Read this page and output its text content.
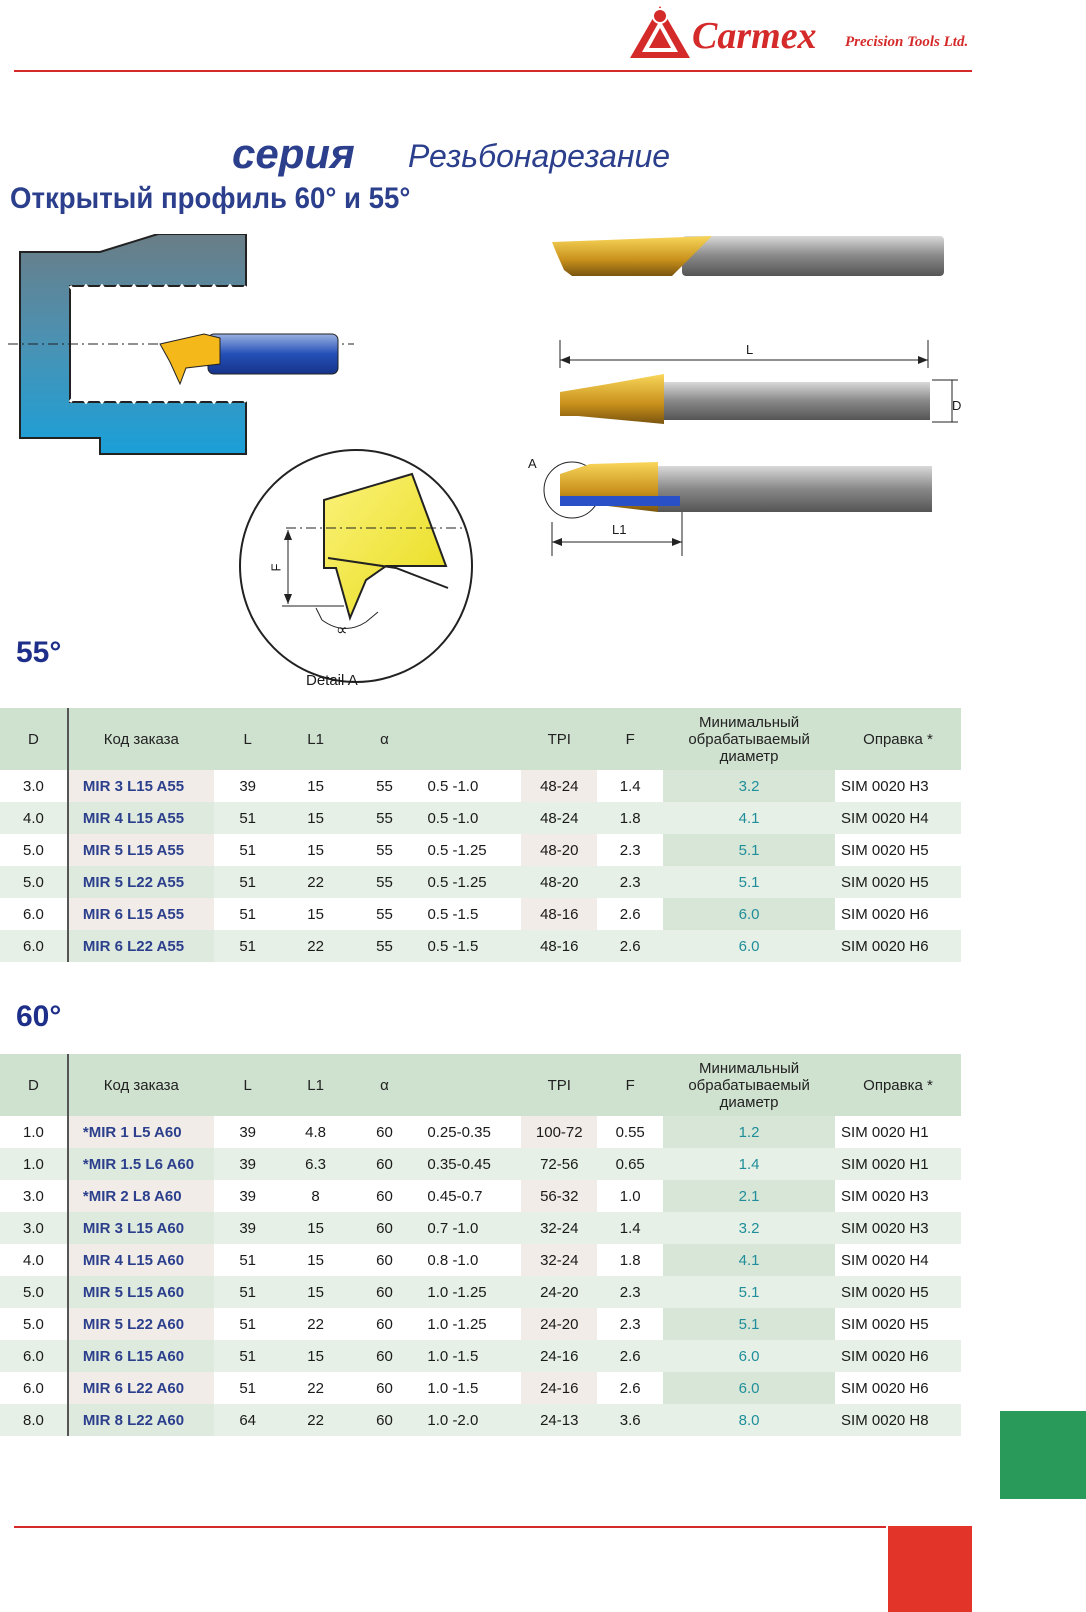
Carmex Precision Tools Ltd.
серия Резьбонарезание
Открытый профиль 60° и 55°
L
D
A
L1
F
∝
Detail A
55°
D	Код заказа	L	L1	α		TPI	F	Минимальный
обрабатываемый
диаметр	Оправка *
3.0	MIR 3 L15 A55	39	15	55	0.5 -1.0	48-24	1.4	3.2	SIM 0020 H3
4.0	MIR 4 L15 A55	51	15	55	0.5 -1.0	48-24	1.8	4.1	SIM 0020 H4
5.0	MIR 5 L15 A55	51	15	55	0.5 -1.25	48-20	2.3	5.1	SIM 0020 H5
5.0	MIR 5 L22 A55	51	22	55	0.5 -1.25	48-20	2.3	5.1	SIM 0020 H5
6.0	MIR 6 L15 A55	51	15	55	0.5 -1.5	48-16	2.6	6.0	SIM 0020 H6
6.0	MIR 6 L22 A55	51	22	55	0.5 -1.5	48-16	2.6	6.0	SIM 0020 H6
60°
D	Код заказа	L	L1	α		TPI	F	Минимальный
обрабатываемый
диаметр	Оправка *
1.0	*MIR 1 L5 A60	39	4.8	60	0.25-0.35	100-72	0.55	1.2	SIM 0020 H1
1.0	*MIR 1.5 L6 A60	39	6.3	60	0.35-0.45	72-56	0.65	1.4	SIM 0020 H1
3.0	*MIR 2 L8 A60	39	8	60	0.45-0.7	56-32	1.0	2.1	SIM 0020 H3
3.0	MIR 3 L15 A60	39	15	60	0.7 -1.0	32-24	1.4	3.2	SIM 0020 H3
4.0	MIR 4 L15 A60	51	15	60	0.8 -1.0	32-24	1.8	4.1	SIM 0020 H4
5.0	MIR 5 L15 A60	51	15	60	1.0 -1.25	24-20	2.3	5.1	SIM 0020 H5
5.0	MIR 5 L22 A60	51	22	60	1.0 -1.25	24-20	2.3	5.1	SIM 0020 H5
6.0	MIR 6 L15 A60	51	15	60	1.0 -1.5	24-16	2.6	6.0	SIM 0020 H6
6.0	MIR 6 L22 A60	51	22	60	1.0 -1.5	24-16	2.6	6.0	SIM 0020 H6
8.0	MIR 8 L22 A60	64	22	60	1.0 -2.0	24-13	3.6	8.0	SIM 0020 H8
